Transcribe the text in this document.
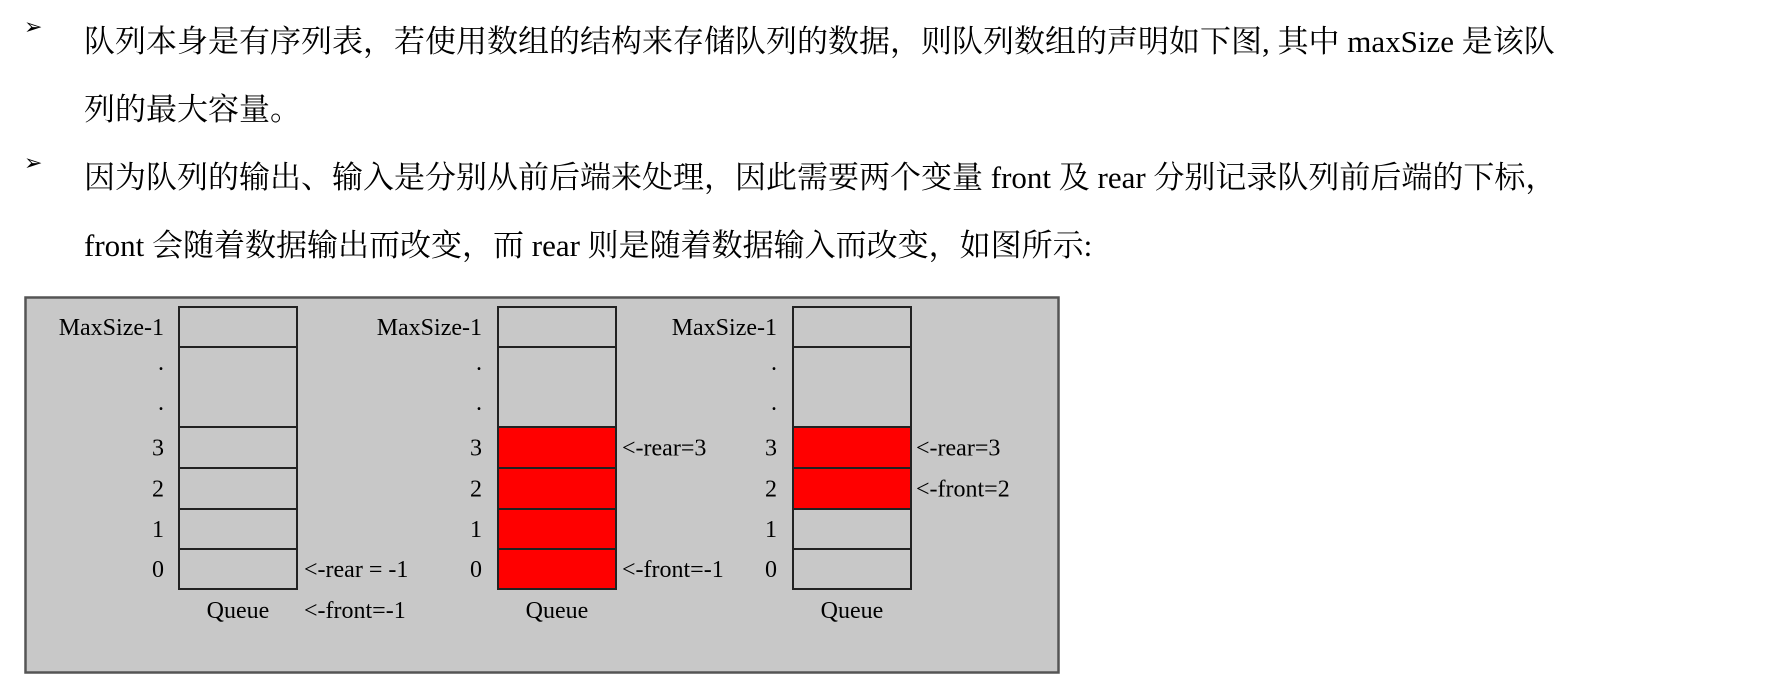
➢ 队列本身是有序列表，若使用数组的结构来存储队列的数据，则队列数组的声明如下图, 其中 maxSize 是该队
列的最大容量。
➢ 因为队列的输出、输入是分别从前后端来处理，因此需要两个变量 front 及 rear 分别记录队列前后端的下标，
front 会随着数据输出而改变，而 rear 则是随着数据输入而改变，如图所示:
MaxSize-1
.
.
3
2
1
0
Queue
<-rear = -1
<-front=-1
MaxSize-1
.
.
3
2
1
0
Queue
<-rear=3
<-front=-1
MaxSize-1
.
.
3
2
1
0
Queue
<-rear=3
<-front=2
